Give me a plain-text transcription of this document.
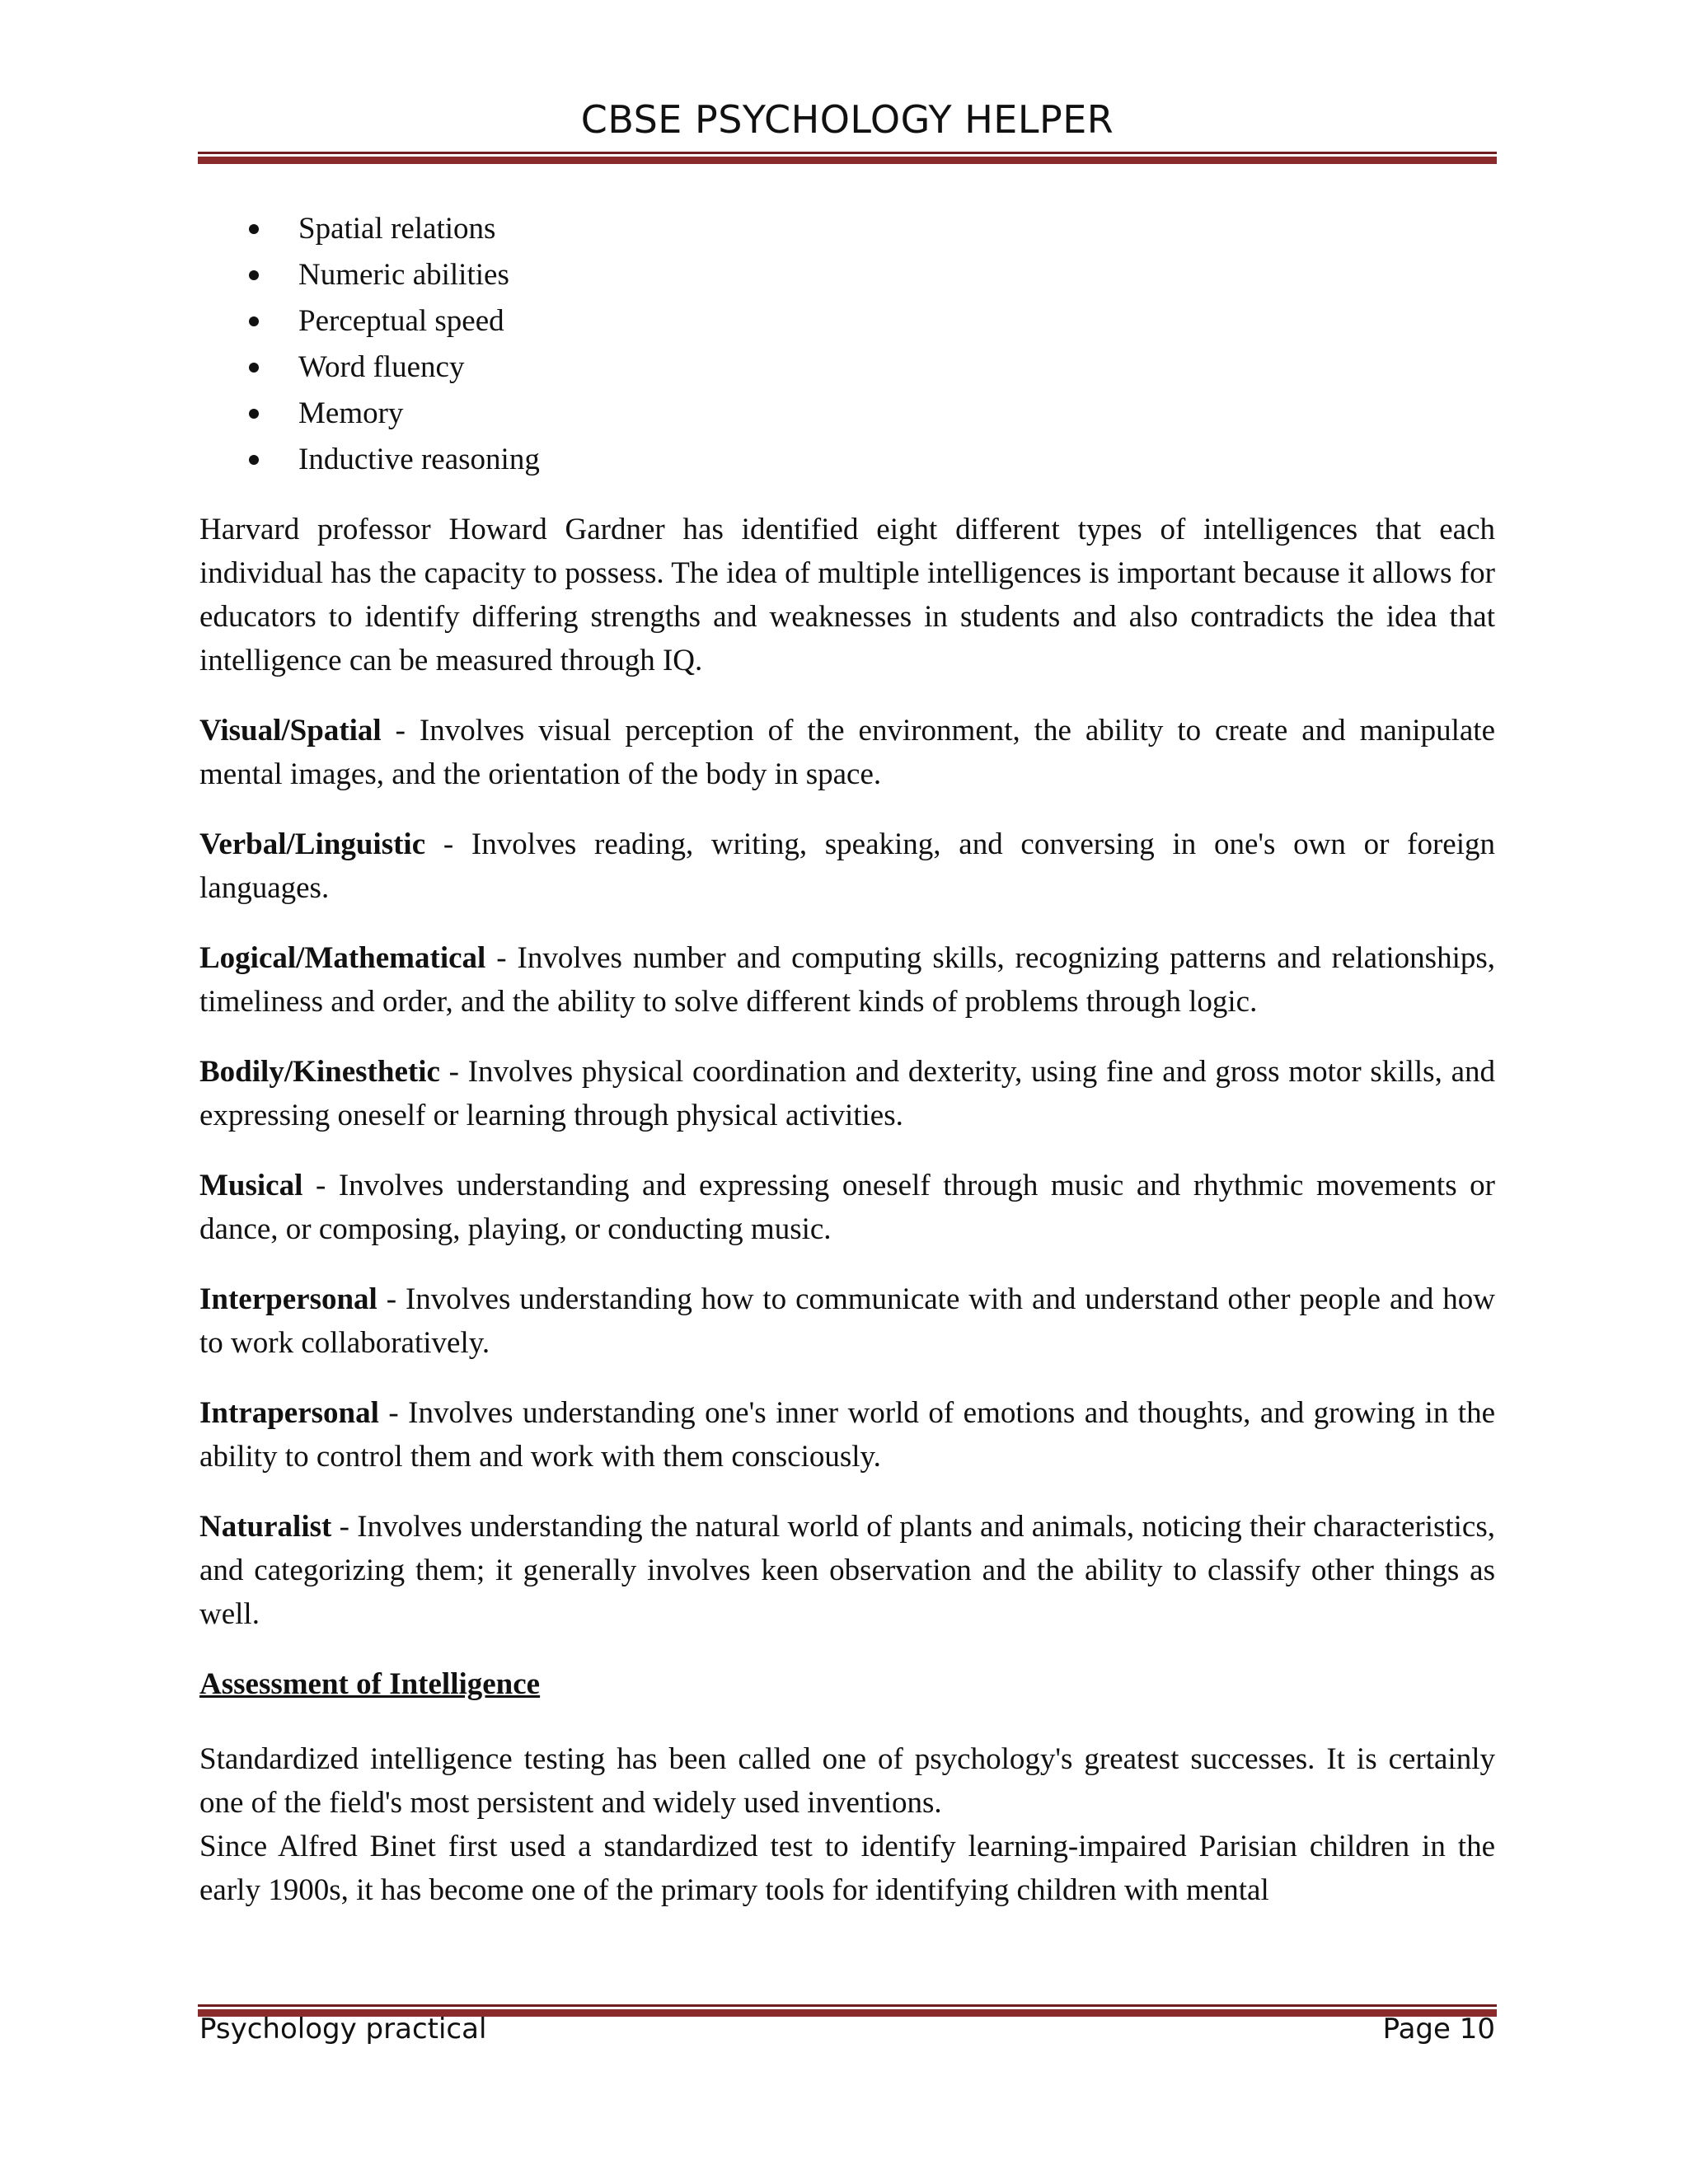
CBSE PSYCHOLOGY HELPER
Spatial relations
Numeric abilities
Perceptual speed
Word fluency
Memory
Inductive reasoning

Harvard professor Howard Gardner has identified eight different types of intelligences that each individual has the capacity to possess. The idea of multiple intelligences is important because it allows for educators to identify differing strengths and weaknesses in students and also contradicts the idea that intelligence can be measured through IQ.

Visual/Spatial - Involves visual perception of the environment, the ability to create and manipulate mental images, and the orientation of the body in space.

Verbal/Linguistic - Involves reading, writing, speaking, and conversing in one's own or foreign languages.

Logical/Mathematical - Involves number and computing skills, recognizing patterns and relationships, timeliness and order, and the ability to solve different kinds of problems through logic.

Bodily/Kinesthetic - Involves physical coordination and dexterity, using fine and gross motor skills, and expressing oneself or learning through physical activities.

Musical - Involves understanding and expressing oneself through music and rhythmic movements or dance, or composing, playing, or conducting music.

Interpersonal - Involves understanding how to communicate with and understand other people and how to work collaboratively.

Intrapersonal - Involves understanding one's inner world of emotions and thoughts, and growing in the ability to control them and work with them consciously.

Naturalist - Involves understanding the natural world of plants and animals, noticing their characteristics, and categorizing them; it generally involves keen observation and the ability to classify other things as well.

Assessment of Intelligence

Standardized intelligence testing has been called one of psychology's greatest successes. It is certainly one of the field's most persistent and widely used inventions.

Since Alfred Binet first used a standardized test to identify learning-impaired Parisian children in the early 1900s, it has become one of the primary tools for identifying children with mental

Psychology practical	Page 10
